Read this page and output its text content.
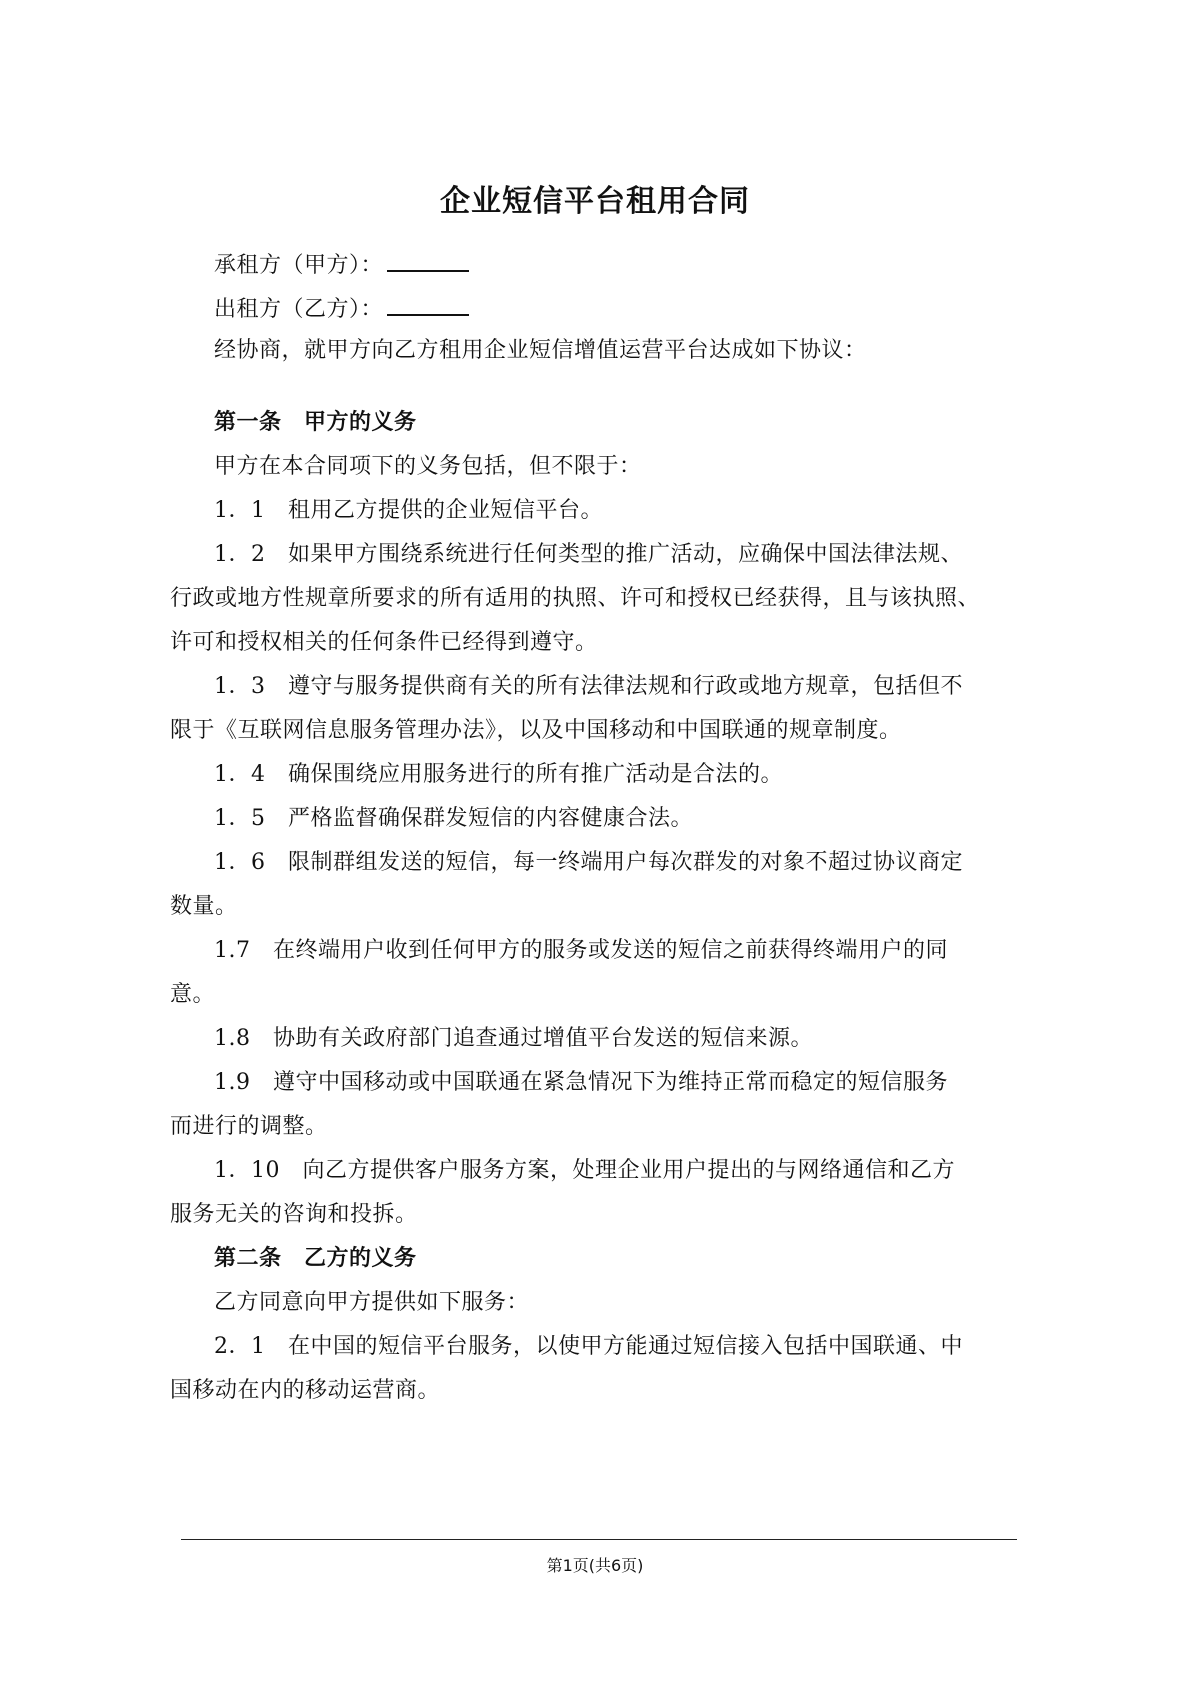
企业短信平台租用合同
承租方（甲方）：
出租方（乙方）：
经协商，就甲方向乙方租用企业短信增值运营平台达成如下协议：
第一条　甲方的义务
甲方在本合同项下的义务包括，但不限于：
1．1　租用乙方提供的企业短信平台。
1．2　如果甲方围绕系统进行任何类型的推广活动，应确保中国法律法规、
行政或地方性规章所要求的所有适用的执照、许可和授权已经获得，且与该执照、
许可和授权相关的任何条件已经得到遵守。
1．3　遵守与服务提供商有关的所有法律法规和行政或地方规章，包括但不
限于《互联网信息服务管理办法》，以及中国移动和中国联通的规章制度。
1．4　确保围绕应用服务进行的所有推广活动是合法的。
1．5　严格监督确保群发短信的内容健康合法。
1．6　限制群组发送的短信，每一终端用户每次群发的对象不超过协议商定
数量。
1.7　在终端用户收到任何甲方的服务或发送的短信之前获得终端用户的同
意。
1.8　协助有关政府部门追查通过增值平台发送的短信来源。
1.9　遵守中国移动或中国联通在紧急情况下为维持正常而稳定的短信服务
而进行的调整。
1．10　向乙方提供客户服务方案，处理企业用户提出的与网络通信和乙方
服务无关的咨询和投拆。
第二条　乙方的义务
乙方同意向甲方提供如下服务：
2．1　在中国的短信平台服务，以使甲方能通过短信接入包括中国联通、中
国移动在内的移动运营商。
第1页(共6页)
